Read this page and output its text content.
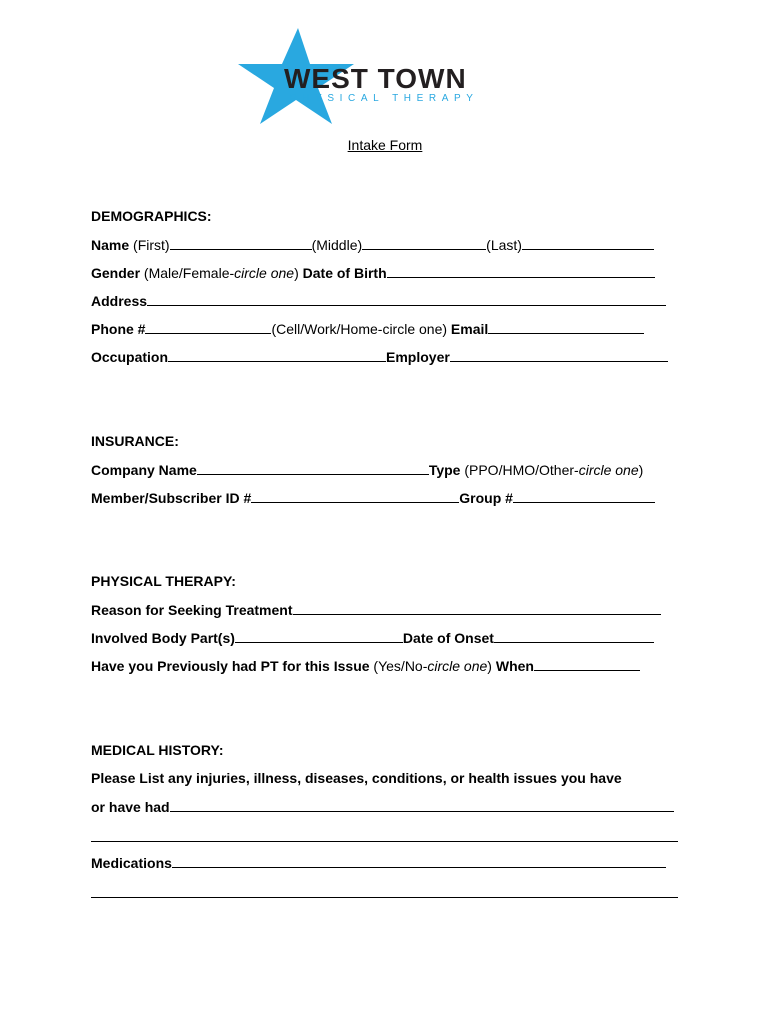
WEST TOWN
PHYSICAL THERAPY
Intake Form
DEMOGRAPHICS:
Name (First)	(Middle)	(Last)
Gender (Male/Female-circle one) Date of Birth
Address
Phone #	(Cell/Work/Home-circle one) Email
Occupation	Employer
INSURANCE:
Company Name	Type (PPO/HMO/Other-circle one)
Member/Subscriber ID #	Group #
PHYSICAL THERAPY:
Reason for Seeking Treatment
Involved Body Part(s)	Date of Onset
Have you Previously had PT for this Issue (Yes/No-circle one) When
MEDICAL HISTORY:
Please List any injuries, illness, diseases, conditions, or health issues you have
or have had
Medications
